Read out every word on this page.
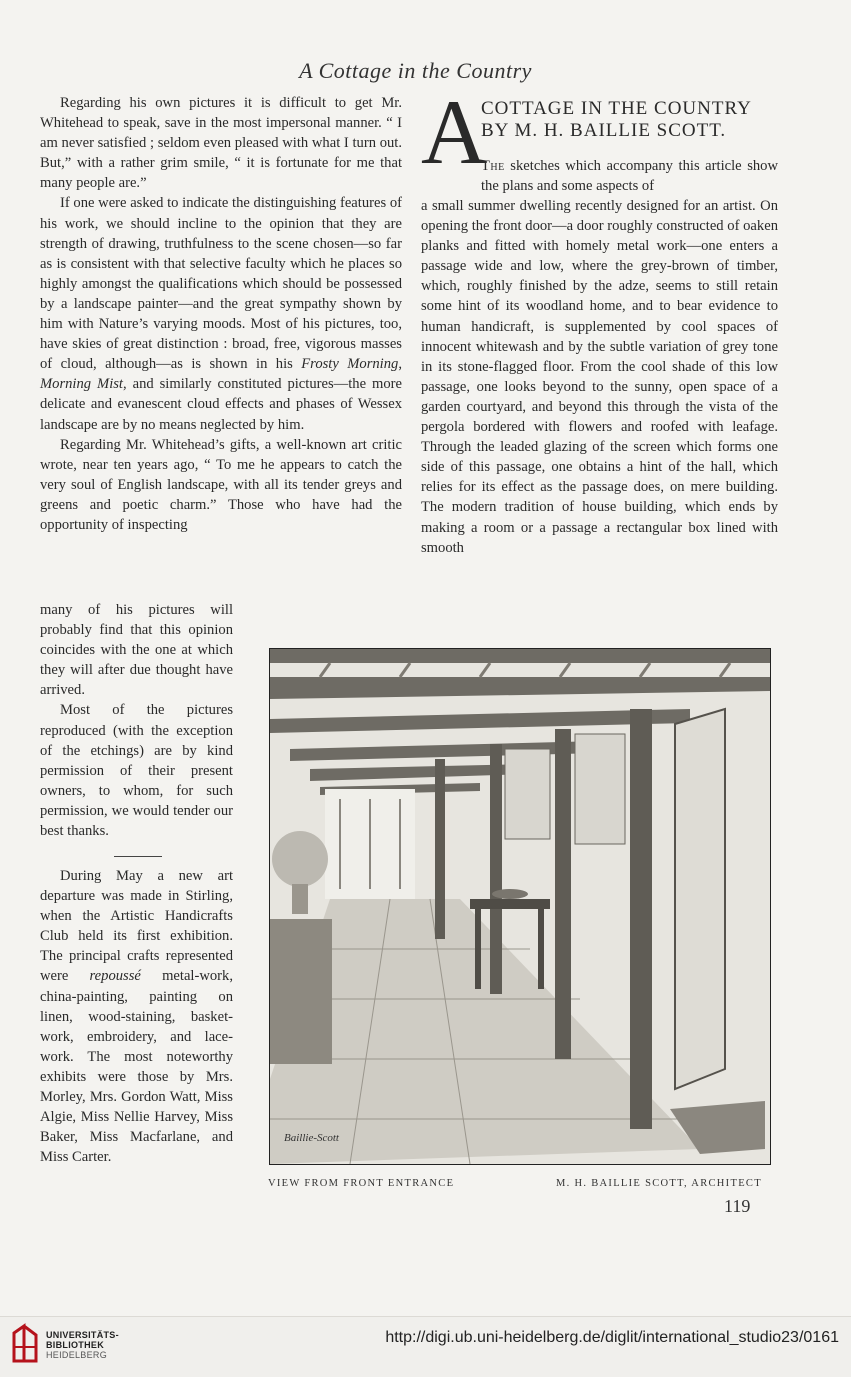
A Cottage in the Country

Regarding his own pictures it is difficult to get Mr. Whitehead to speak, save in the most impersonal manner. “ I am never satisfied ; seldom even pleased with what I turn out. But,” with a rather grim smile, “ it is fortunate for me that many people are.”

If one were asked to indicate the distinguishing features of his work, we should incline to the opinion that they are strength of drawing, truthfulness to the scene chosen—so far as is consistent with that selective faculty which he places so highly amongst the qualifications which should be possessed by a landscape painter—and the great sympathy shown by him with Nature’s varying moods. Most of his pictures, too, have skies of great distinction : broad, free, vigorous masses of cloud, although—as is shown in his Frosty Morning, Morning Mist, and similarly constituted pictures—the more delicate and evanescent cloud effects and phases of Wessex landscape are by no means neglected by him.

Regarding Mr. Whitehead’s gifts, a well-known art critic wrote, near ten years ago, “ To me he appears to catch the very soul of English landscape, with all its tender greys and greens and poetic charm.” Those who have had the opportunity of inspecting

many of his pictures will probably find that this opinion coincides with the one at which they will after due thought have arrived.

Most of the pictures reproduced (with the exception of the etchings) are by kind permission of their present owners, to whom, for such permission, we would tender our best thanks.

During May a new art departure was made in Stirling, when the Artistic Handicrafts Club held its first exhibition. The principal crafts represented were repoussé metal-work, china-painting, painting on linen, wood-staining, basket-work, embroidery, and lace-work. The most noteworthy exhibits were those by Mrs. Morley, Mrs. Gordon Watt, Miss Algie, Miss Nellie Harvey, Miss Baker, Miss Macfarlane, and Miss Carter.

A
COTTAGE IN THE COUNTRY
BY M. H. BAILLIE SCOTT.

The sketches which accompany this article show the plans and some aspects of

a small summer dwelling recently designed for an artist. On opening the front door—a door roughly constructed of oaken planks and fitted with homely metal work—one enters a passage wide and low, where the grey-brown of timber, which, roughly finished by the adze, seems to still retain some hint of its woodland home, and to bear evidence to human handicraft, is supplemented by cool spaces of innocent whitewash and by the subtle variation of grey tone in its stone-flagged floor. From the cool shade of this low passage, one looks beyond to the sunny, open space of a garden courtyard, and beyond this through the vista of the pergola bordered with flowers and roofed with leafage. Through the leaded glazing of the screen which forms one side of this passage, one obtains a hint of the hall, which relies for its effect as the passage does, on mere building. The modern tradition of house building, which ends by making a room or a passage a rectangular box lined with smooth

Baillie-Scott
VIEW FROM FRONT ENTRANCE	M. H. BAILLIE SCOTT, ARCHITECT
119
UNIVERSITÄTS-
BIBLIOTHEK
HEIDELBERG
http://digi.ub.uni-heidelberg.de/diglit/international_studio23/0161
